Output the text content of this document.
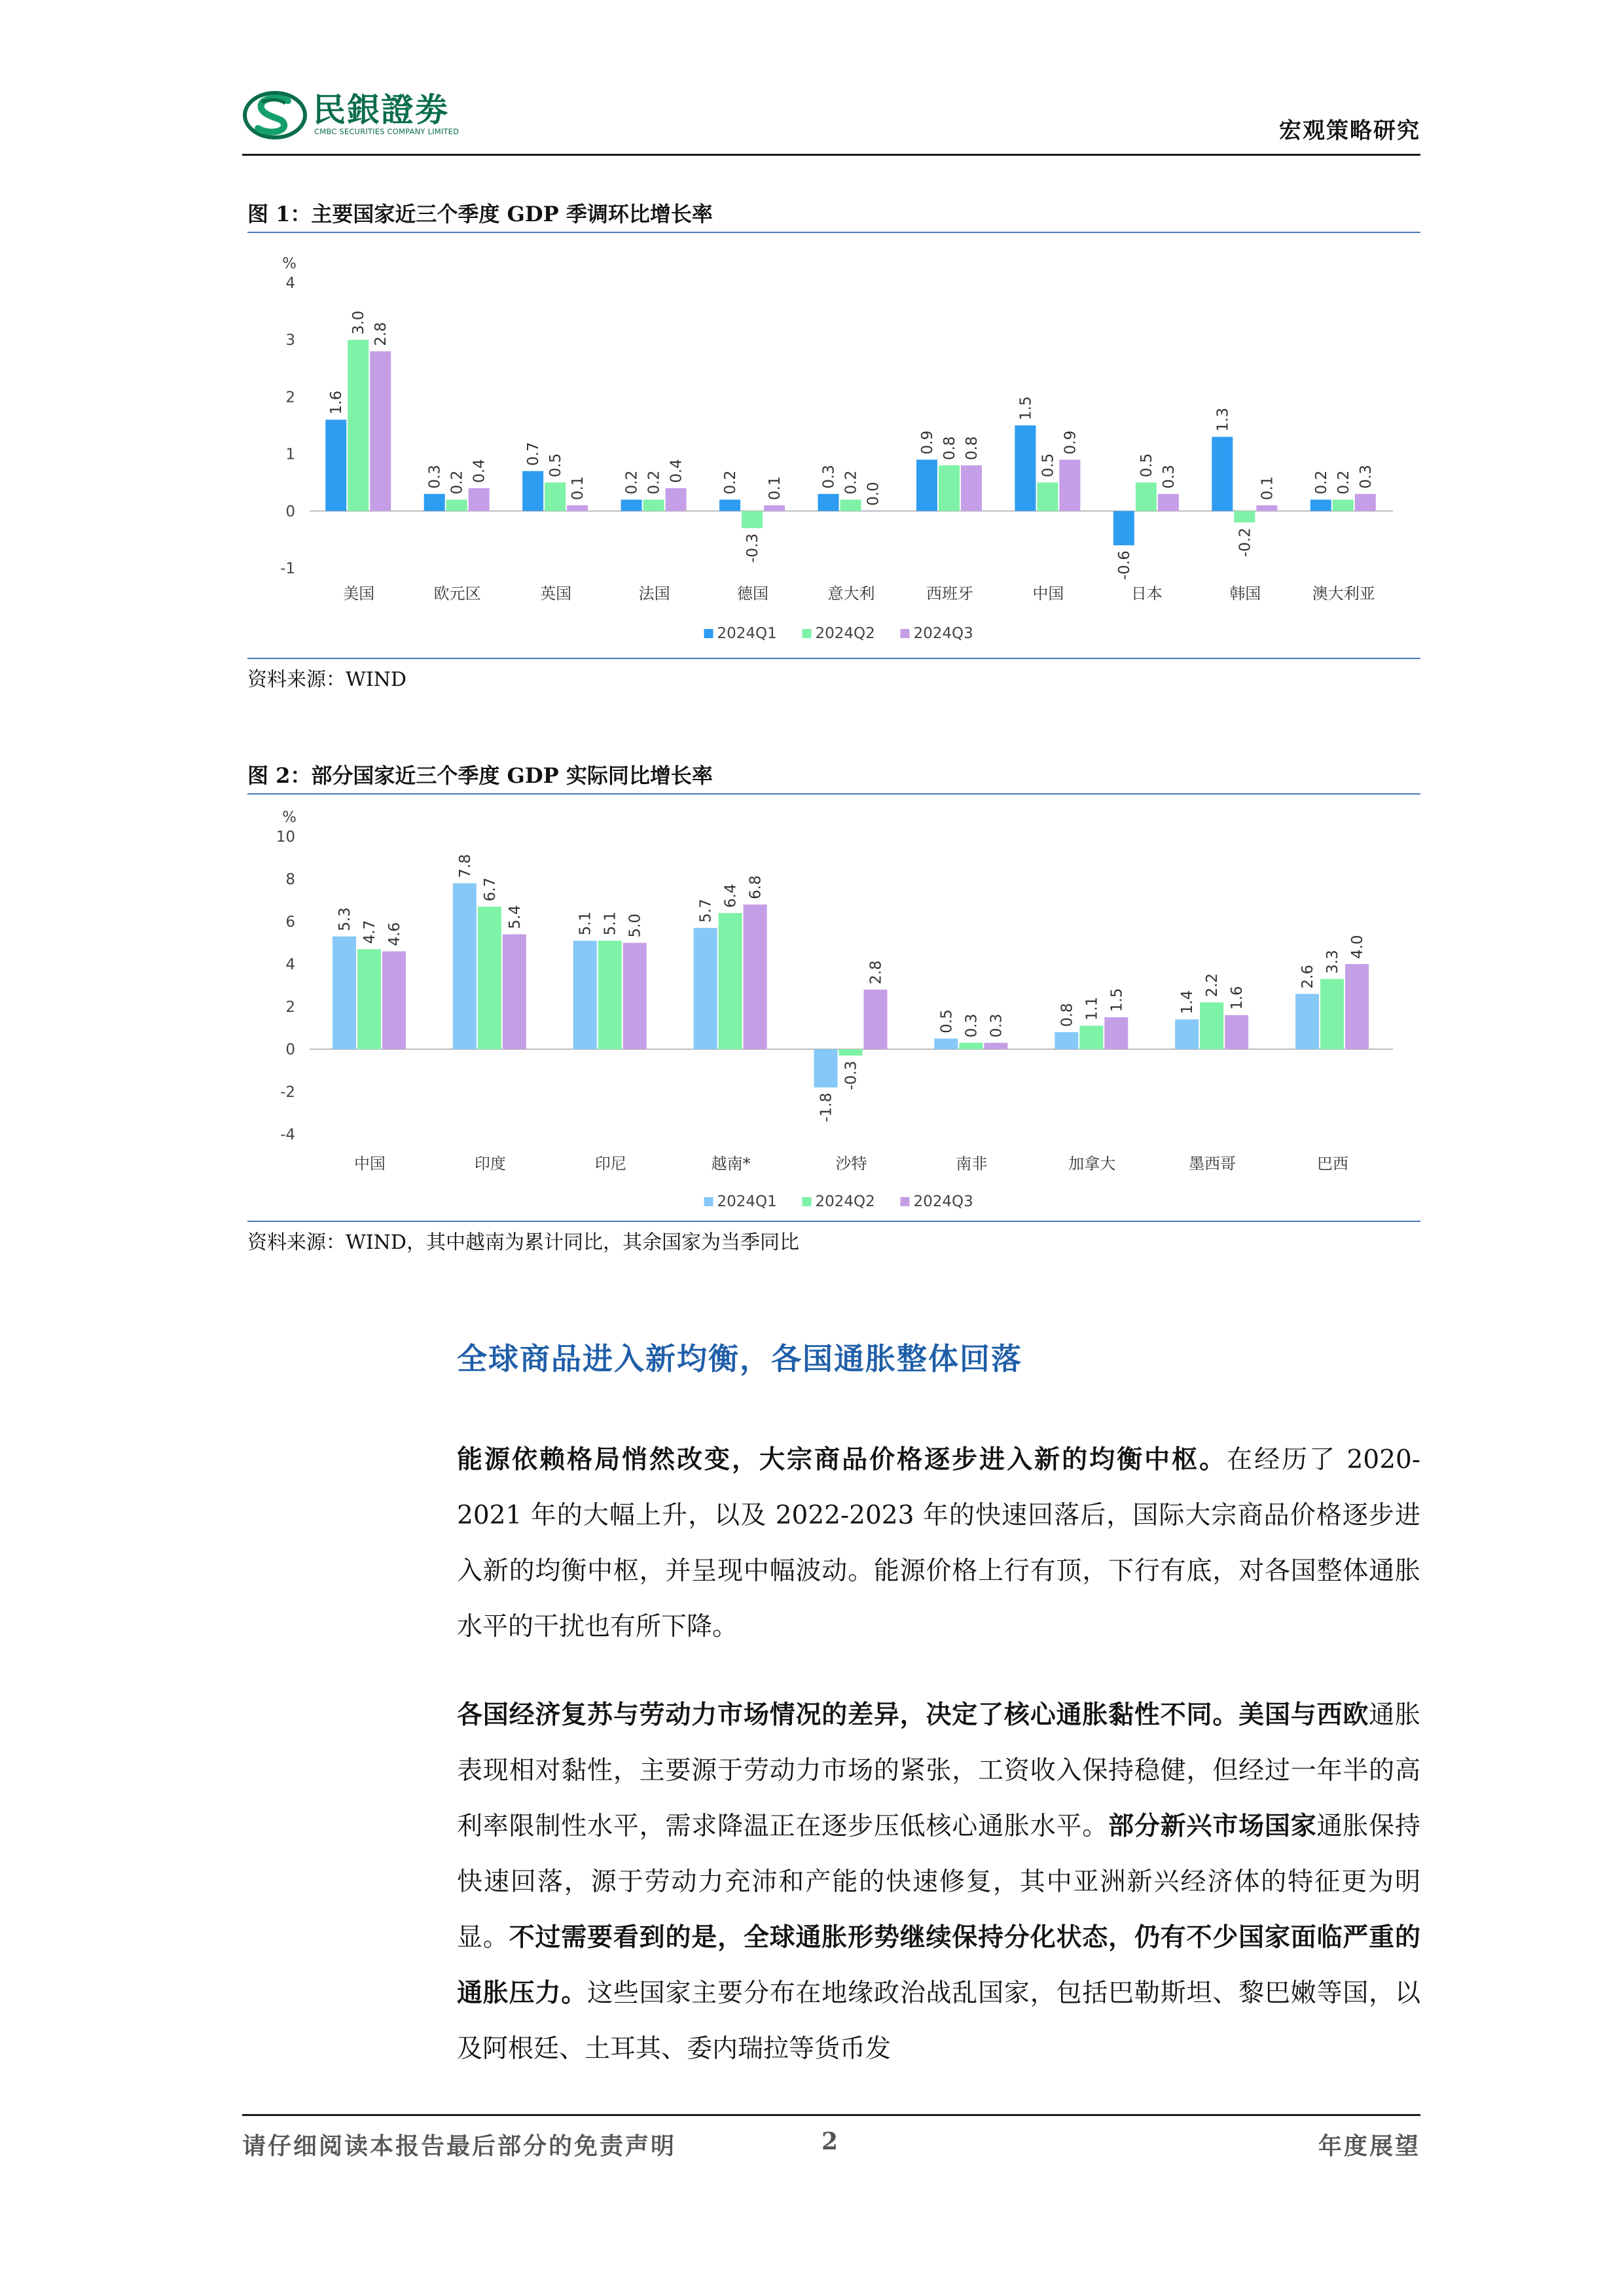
民銀證劵
CMBC SECURITIES COMPANY LIMITED	宏观策略研究
图 1：主要国家近三个季度 GDP 季调环比增长率
%
-1
0
1
2
3
4
美国
1.6
3.0 2.8
欧元区
0.3 0.2 0.4
英国
0.7 0.5
0.1
法国
0.2 0.2 0.4
德国
0.2
-0.3
0.1
意大利
0.3 0.2 0.0
西班牙
0.9 0.8 0.8
中国
1.5
0.5
0.9
日本
-0.6
0.5 0.3
韩国
1.3
-0.2
0.1
澳大利亚
0.2 0.2 0.3
2024Q1	2024Q2	2024Q3
资料来源：WIND
图 2：部分国家近三个季度 GDP 实际同比增长率
%
-4
-2
0
2
4
6
8
10
中国
5.3
4.7 4.6
印度
7.8
6.7
5.4
印尼
5.1 5.1 5.0
越南*
5.7
6.4 6.8
沙特
-1.8
-0.3
2.8
南非
0.5 0.3 0.3
加拿大
0.8 1.1 1.5
墨西哥
1.4
2.2
1.6
巴西
2.6
3.3
4.0
2024Q1	2024Q2	2024Q3
资料来源：WIND，其中越南为累计同比，其余国家为当季同比
全球商品进入新均衡，各国通胀整体回落
能源依赖格局悄然改变，大宗商品价格逐步进入新的均衡中枢。在经历了 2020-2021 年的大幅上升，以及 2022-2023 年的快速回落后，国际大宗商品价格逐步进入新的均衡中枢，并呈现中幅波动。能源价格上行有顶，下行有底，对各国整体通胀水平的干扰也有所下降。
各国经济复苏与劳动力市场情况的差异，决定了核心通胀黏性不同。美国与西欧通胀表现相对黏性，主要源于劳动力市场的紧张，工资收入保持稳健，但经过一年半的高利率限制性水平，需求降温正在逐步压低核心通胀水平。部分新兴市场国家通胀保持快速回落，源于劳动力充沛和产能的快速修复，其中亚洲新兴经济体的特征更为明显。不过需要看到的是，全球通胀形势继续保持分化状态，仍有不少国家面临严重的通胀压力。这些国家主要分布在地缘政治战乱国家，包括巴勒斯坦、黎巴嫩等国，以及阿根廷、土耳其、委内瑞拉等货币发
请仔细阅读本报告最后部分的免责声明	2	年度展望
